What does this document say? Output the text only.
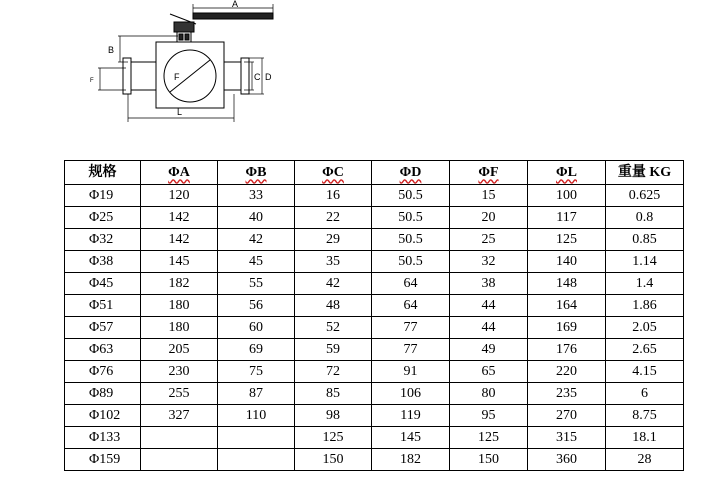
A
B
C D
F
F
L
规格	ΦA	ΦB	ΦC	ΦD	ΦF	ΦL	重量 KG
Φ19	120	33	16	50.5	15	100	0.625
Φ25	142	40	22	50.5	20	117	0.8
Φ32	142	42	29	50.5	25	125	0.85
Φ38	145	45	35	50.5	32	140	1.14
Φ45	182	55	42	64	38	148	1.4
Φ51	180	56	48	64	44	164	1.86
Φ57	180	60	52	77	44	169	2.05
Φ63	205	69	59	77	49	176	2.65
Φ76	230	75	72	91	65	220	4.15
Φ89	255	87	85	106	80	235	6
Φ102	327	110	98	119	95	270	8.75
Φ133			125	145	125	315	18.1
Φ159			150	182	150	360	28
